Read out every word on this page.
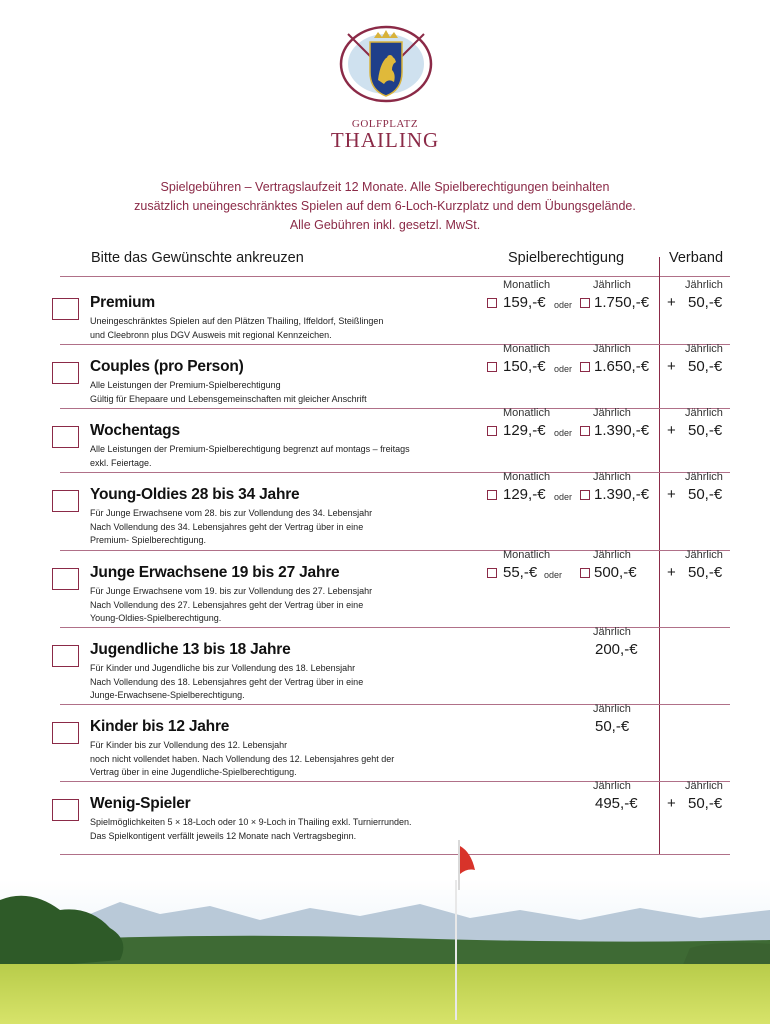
GOLFPLATZ
THAILING
Spielgebühren – Vertragslaufzeit 12 Monate. Alle Spielberechtigungen beinhalten
zusätzlich uneingeschränktes Spielen auf dem 6-Loch-Kurzplatz und dem Übungsgelände.
Alle Gebühren inkl. gesetzl. MwSt.
Bitte das Gewünschte ankreuzen	Spielberechtigung	Verband
Premium
Uneingeschränktes Spielen auf den Plätzen Thailing, Iffeldorf, Steißlingen
und Cleebronn plus DGV Ausweis mit regional Kennzeichen.
Monatlich
159,-€ oder
Jährlich
1.750,-€
Jährlich
+ 50,-€
Couples (pro Person)
Alle Leistungen der Premium-Spielberechtigung
Gültig für Ehepaare und Lebensgemeinschaften mit gleicher Anschrift
Monatlich
150,-€ oder
Jährlich
1.650,-€
Jährlich
+ 50,-€
Wochentags
Alle Leistungen der Premium-Spielberechtigung begrenzt auf montags – freitags
exkl. Feiertage.
Monatlich
129,-€ oder
Jährlich
1.390,-€
Jährlich
+ 50,-€
Young-Oldies 28 bis 34 Jahre
Für Junge Erwachsene vom 28. bis zur Vollendung des 34. Lebensjahr
Nach Vollendung des 34. Lebensjahres geht der Vertrag über in eine
Premium- Spielberechtigung.
Monatlich
129,-€ oder
Jährlich
1.390,-€
Jährlich
+ 50,-€
Junge Erwachsene 19 bis 27 Jahre
Für Junge Erwachsene vom 19. bis zur Vollendung des 27. Lebensjahr
Nach Vollendung des 27. Lebensjahres geht der Vertrag über in eine
Young-Oldies-Spielberechtigung.
Monatlich
55,-€ oder
Jährlich
500,-€
Jährlich
+ 50,-€
Jugendliche 13 bis 18 Jahre
Für Kinder und Jugendliche bis zur Vollendung des 18. Lebensjahr
Nach Vollendung des 18. Lebensjahres geht der Vertrag über in eine
Junge-Erwachsene-Spielberechtigung.
Jährlich
200,-€
Kinder bis 12 Jahre
Für Kinder bis zur Vollendung des 12. Lebensjahr
noch nicht vollendet haben. Nach Vollendung des 12. Lebensjahres geht der
Vertrag über in eine Jugendliche-Spielberechtigung.
Jährlich
50,-€
Wenig-Spieler
Spielmöglichkeiten 5 × 18-Loch oder 10 × 9-Loch in Thailing exkl. Turnierrunden.
Das Spielkontigent verfällt jeweils 12 Monate nach Vertragsbeginn.
Jährlich
495,-€
Jährlich
+ 50,-€
